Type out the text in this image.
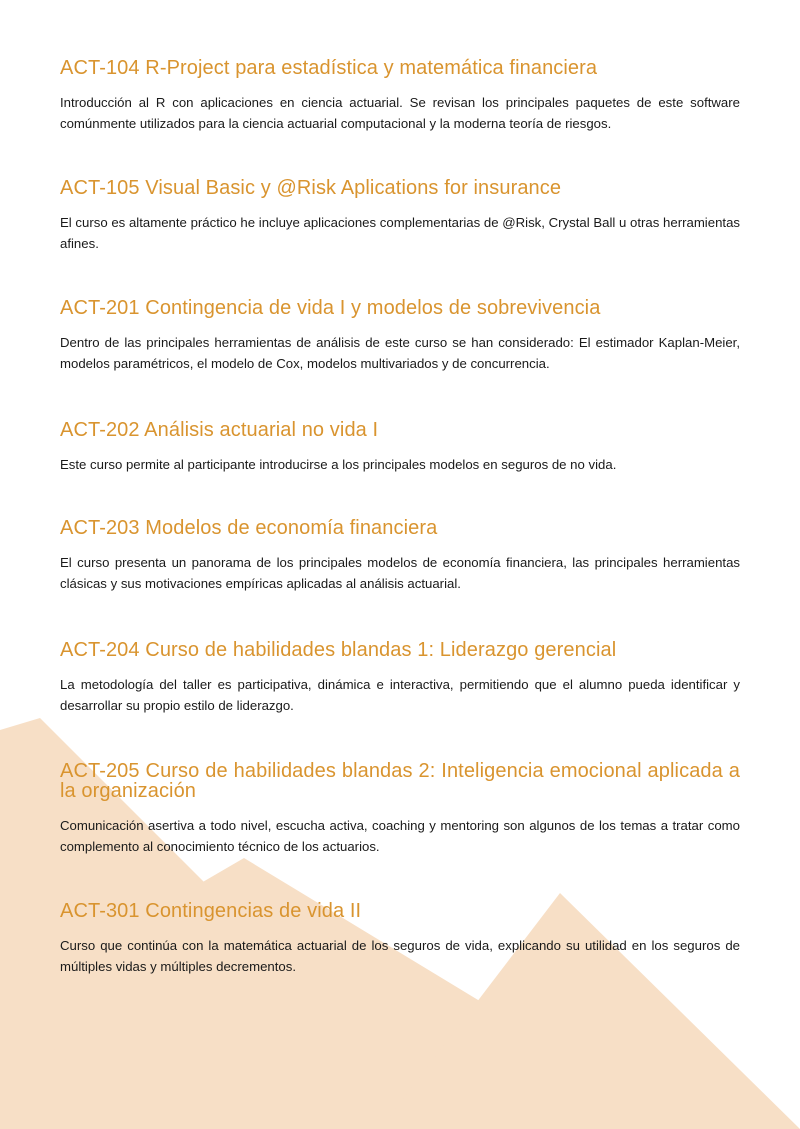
ACT-104 R-Project para estadística y matemática financiera

Introducción al R con aplicaciones en ciencia actuarial. Se revisan los principales paquetes de este software comúnmente utilizados para la ciencia actuarial computacional y la moderna teoría de riesgos.

ACT-105 Visual Basic y @Risk Aplications for insurance

El curso es altamente práctico he incluye aplicaciones complementarias de @Risk, Crystal Ball u otras herramientas afines.

ACT-201 Contingencia de vida I y modelos de sobrevivencia

Dentro de las principales herramientas de análisis de este curso se han considerado: El estimador Kaplan-Meier, modelos paramétricos, el modelo de Cox, modelos multivariados y de concurrencia.

ACT-202 Análisis actuarial no vida I

Este curso permite al participante introducirse a los principales modelos en seguros de no vida.

ACT-203 Modelos de economía financiera

El curso presenta un panorama de los principales modelos de economía financiera, las principales herramientas clásicas y sus motivaciones empíricas aplicadas al análisis actuarial.

ACT-204 Curso de habilidades blandas 1: Liderazgo gerencial

La metodología del taller es participativa, dinámica e interactiva, permitiendo que el alumno pueda identificar y desarrollar su propio estilo de liderazgo.

ACT-205 Curso de habilidades blandas 2: Inteligencia emocional aplicada a la organización

Comunicación asertiva a todo nivel, escucha activa, coaching y mentoring son algunos de los temas a tratar como complemento al conocimiento técnico de los actuarios.

ACT-301 Contingencias de vida II

Curso que continúa con la matemática actuarial de los seguros de vida, explicando su utilidad en los seguros de múltiples vidas y múltiples decrementos.
